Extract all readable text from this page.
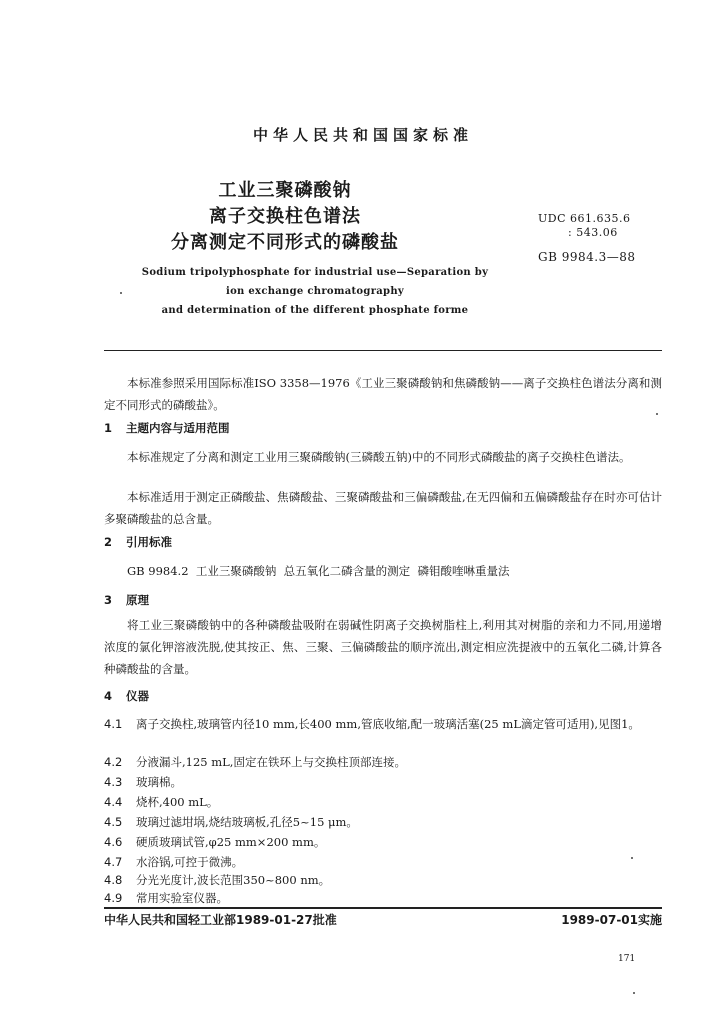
中华人民共和国国家标准
工业三聚磷酸钠
离子交换柱色谱法
分离测定不同形式的磷酸盐
UDC 661.635.6
: 543.06
GB 9984.3—88
Sodium tripolyphosphate for industrial use—Separation by
ion exchange chromatography
and determination of the different phosphate forme
本标准参照采用国际标准ISO 3358—1976《工业三聚磷酸钠和焦磷酸钠——离子交换柱色谱法分离和测定不同形式的磷酸盐》。
1 主题内容与适用范围
本标准规定了分离和测定工业用三聚磷酸钠(三磷酸五钠)中的不同形式磷酸盐的离子交换柱色谱法。
本标准适用于测定正磷酸盐、焦磷酸盐、三聚磷酸盐和三偏磷酸盐,在无四偏和五偏磷酸盐存在时亦可估计多聚磷酸盐的总含量。
2 引用标准
GB 9984.2  工业三聚磷酸钠  总五氧化二磷含量的测定  磷钼酸喹啉重量法
3 原理
将工业三聚磷酸钠中的各种磷酸盐吸附在弱碱性阴离子交换树脂柱上,利用其对树脂的亲和力不同,用递增浓度的氯化钾溶液洗脱,使其按正、焦、三聚、三偏磷酸盐的顺序流出,测定相应洗提液中的五氧化二磷,计算各种磷酸盐的含量。
4 仪器
4.1 离子交换柱,玻璃管内径10 mm,长400 mm,管底收缩,配一玻璃活塞(25 mL滴定管可适用),见图1。
4.2 分液漏斗,125 mL,固定在铁环上与交换柱顶部连接。
4.3 玻璃棉。
4.4 烧杯,400 mL。
4.5 玻璃过滤坩埚,烧结玻璃板,孔径5~15 μm。
4.6 硬质玻璃试管,φ25 mm×200 mm。
4.7 水浴锅,可控于微沸。
4.8 分光光度计,波长范围350~800 nm。
4.9 常用实验室仪器。
中华人民共和国轻工业部1989-01-27批准	1989-07-01实施
171
